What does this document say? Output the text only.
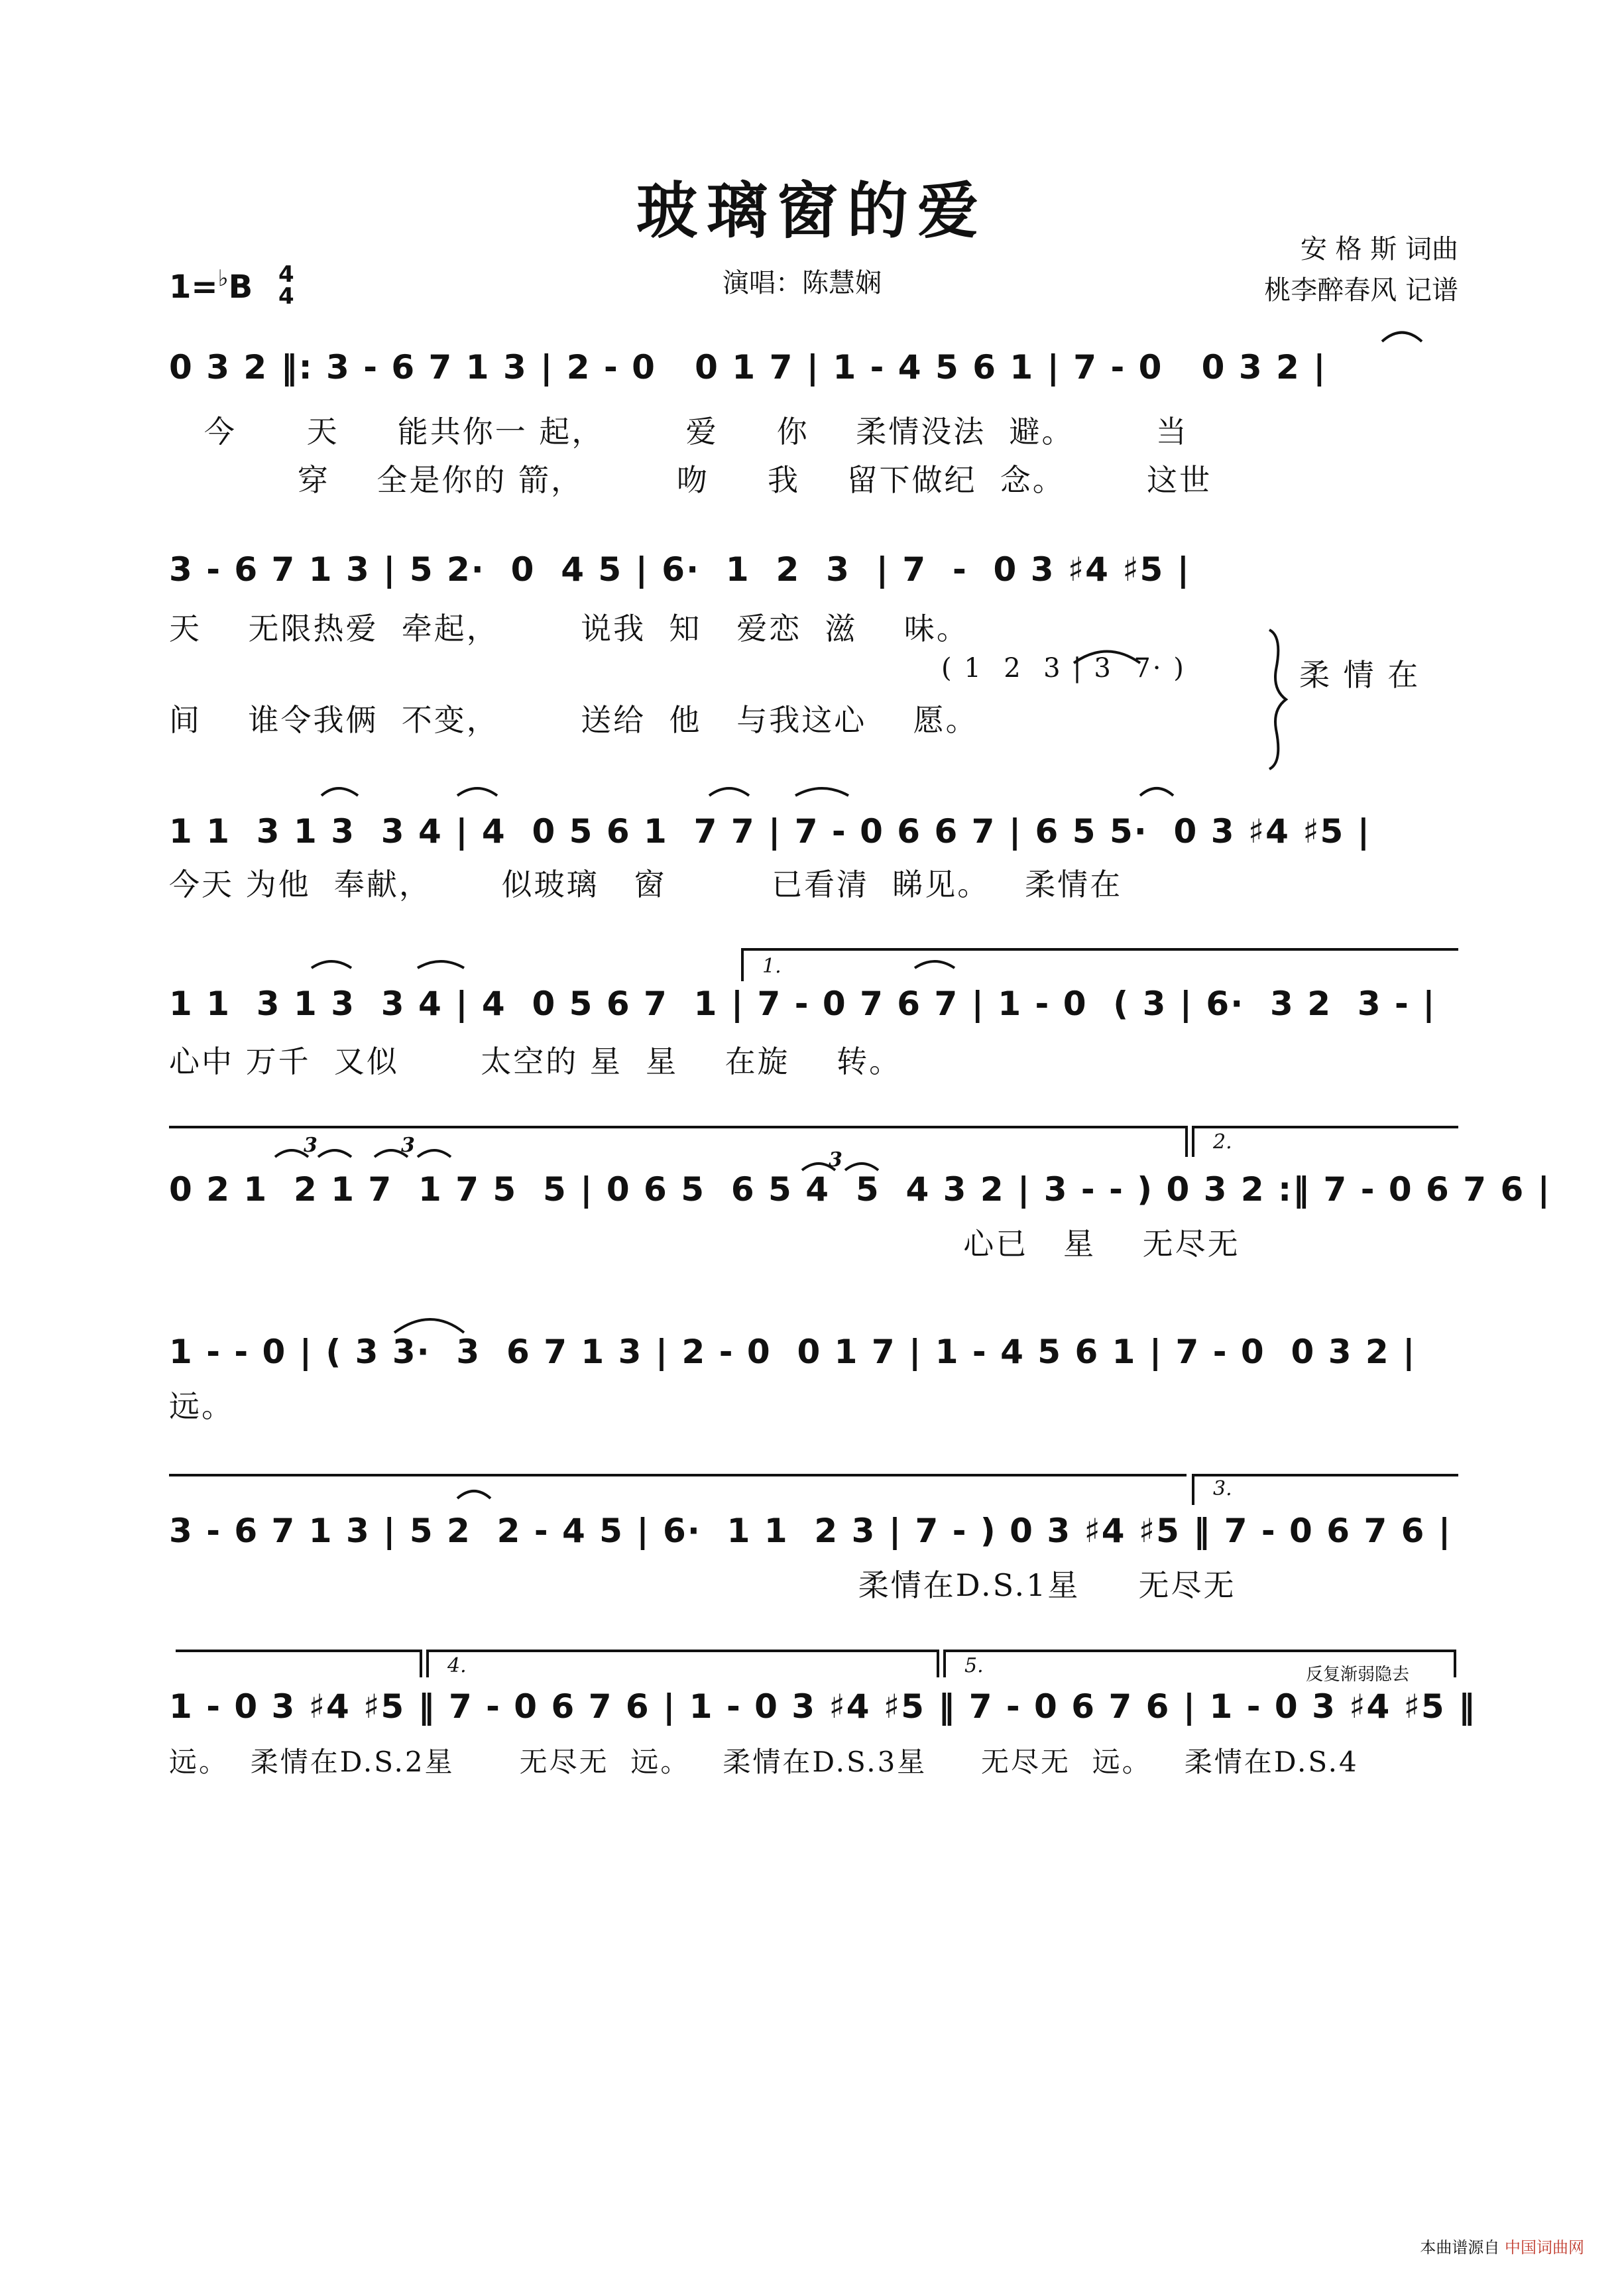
玻璃窗的爱
安 格 斯 词曲
桃李醉春风 记谱
演唱：陈慧娴
1=♭B 4
4
0 3 2 ‖: 3 - 6 7 1 3 | 2 - 0   0 1 7 | 1 - 4 5 6 1 | 7 - 0   0 3 2 |
今      天     能共你一 起，       爱     你    柔情没法  避。       当
穿    全是你的 箭，        吻     我    留下做纪  念。       这世
3 - 6 7 1 3 | 5 2·  0  4 5 | 6·  1  2  3  | 7  -  0 3 ♯4 ♯5 |
天    无限热爱  牵起，       说我  知   爱恋  滋    味。
间    谁令我俩  不变，       送给  他   与我这心    愿。
( 1  2  3 | 3  7· )	柔 情 在
1 1  3 1 3  3 4 | 4  0 5 6 1  7 7 | 7 - 0 6 6 7 | 6 5 5·  0 3 ♯4 ♯5 |
今天 为他  奉献，      似玻璃   窗         已看清  睇见。   柔情在
1 1  3 1 3  3 4 | 4  0 5 6 7  1 | 7 - 0 7 6 7 | 1 - 0  ( 3 | 6·  3 2  3 - |
心中 万千  又似       太空的 星  星    在旋    转。
0 2 1  2 1 7  1 7 5  5 | 0 6 5  6 5 4  5  4 3 2 | 3 - - ) 0 3 2 :‖ 7 - 0 6 7 6 |
心已   星    无尽无
1 - - 0 | ( 3 3·  3  6 7 1 3 | 2 - 0  0 1 7 | 1 - 4 5 6 1 | 7 - 0  0 3 2 |
远。
3 - 6 7 1 3 | 5 2  2 - 4 5 | 6·  1 1  2 3 | 7 - ) 0 3 ♯4 ♯5 ‖ 7 - 0 6 7 6 |
柔情在D.S.1星     无尽无
1 - 0 3 ♯4 ♯5 ‖ 7 - 0 6 7 6 | 1 - 0 3 ♯4 ♯5 ‖ 7 - 0 6 7 6 | 1 - 0 3 ♯4 ♯5 ‖
远。  柔情在D.S.2星      无尽无  远。   柔情在D.S.3星     无尽无  远。   柔情在D.S.4
1.
2.
3.
4.	5.	反复渐弱隐去
3	3
3
本曲谱源自 中国词曲网
